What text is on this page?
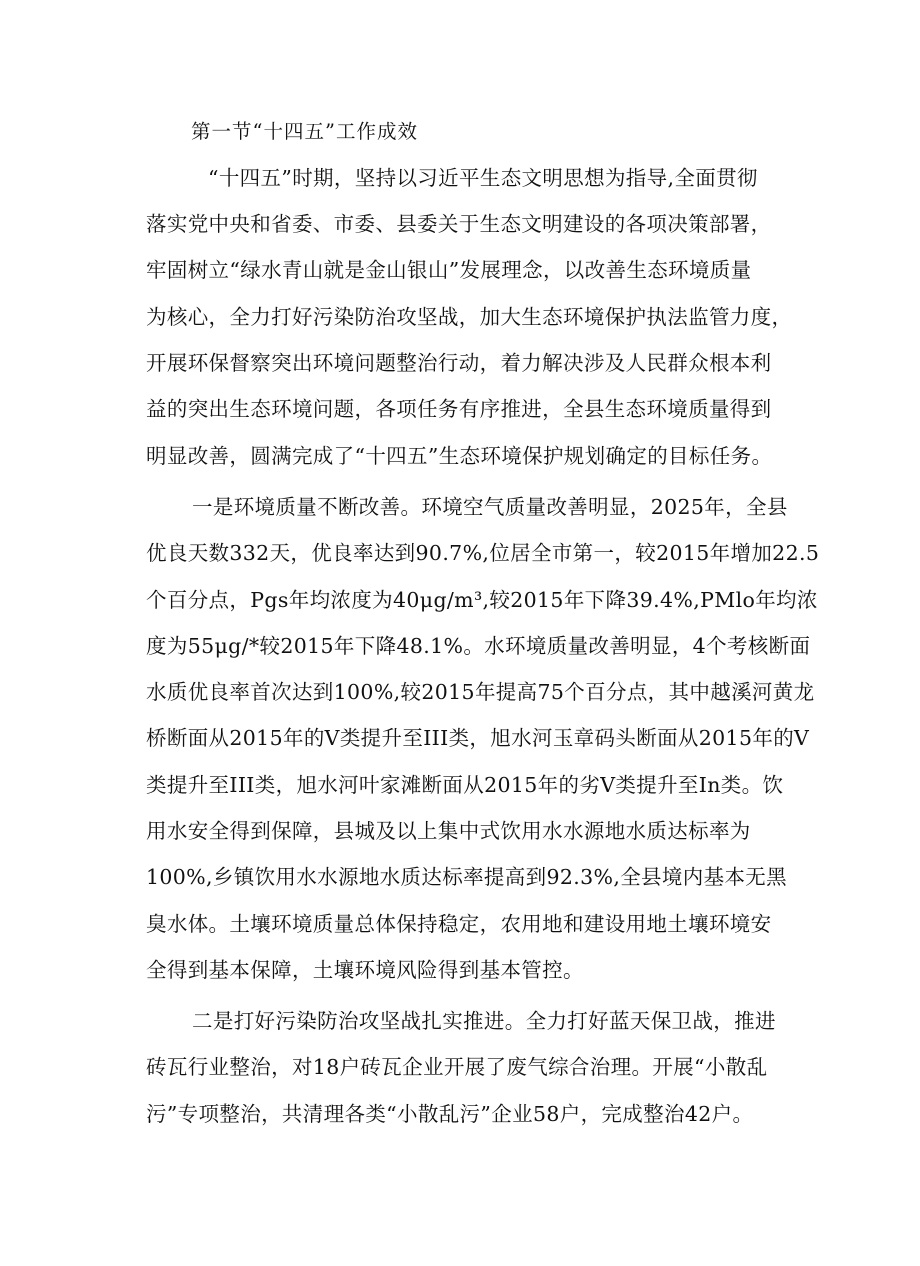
第一节“十四五”工作成效
“十四五”时期，坚持以习近平生态文明思想为指导,全面贯彻
落实党中央和省委、市委、县委关于生态文明建设的各项决策部署，
牢固树立“绿水青山就是金山银山”发展理念，以改善生态环境质量
为核心，全力打好污染防治攻坚战，加大生态环境保护执法监管力度，
开展环保督察突出环境问题整治行动，着力解决涉及人民群众根本利
益的突出生态环境问题，各项任务有序推进，全县生态环境质量得到
明显改善，圆满完成了“十四五”生态环境保护规划确定的目标任务。
一是环境质量不断改善。环境空气质量改善明显，2025年，全县
优良天数332天，优良率达到90.7%,位居全市第一，较2015年增加22.5
个百分点，Pgs年均浓度为40μg/m³,较2015年下降39.4%,PMlo年均浓
度为55μg/*较2015年下降48.1%。水环境质量改善明显，4个考核断面
水质优良率首次达到100%,较2015年提高75个百分点，其中越溪河黄龙
桥断面从2015年的V类提升至III类，旭水河玉章码头断面从2015年的V
类提升至III类，旭水河叶家滩断面从2015年的劣V类提升至In类。饮
用水安全得到保障，县城及以上集中式饮用水水源地水质达标率为
100%,乡镇饮用水水源地水质达标率提高到92.3%,全县境内基本无黑
臭水体。土壤环境质量总体保持稳定，农用地和建设用地土壤环境安
全得到基本保障，土壤环境风险得到基本管控。
二是打好污染防治攻坚战扎实推进。全力打好蓝天保卫战，推进
砖瓦行业整治，对18户砖瓦企业开展了废气综合治理。开展“小散乱
污”专项整治，共清理各类“小散乱污”企业58户，完成整治42户。
